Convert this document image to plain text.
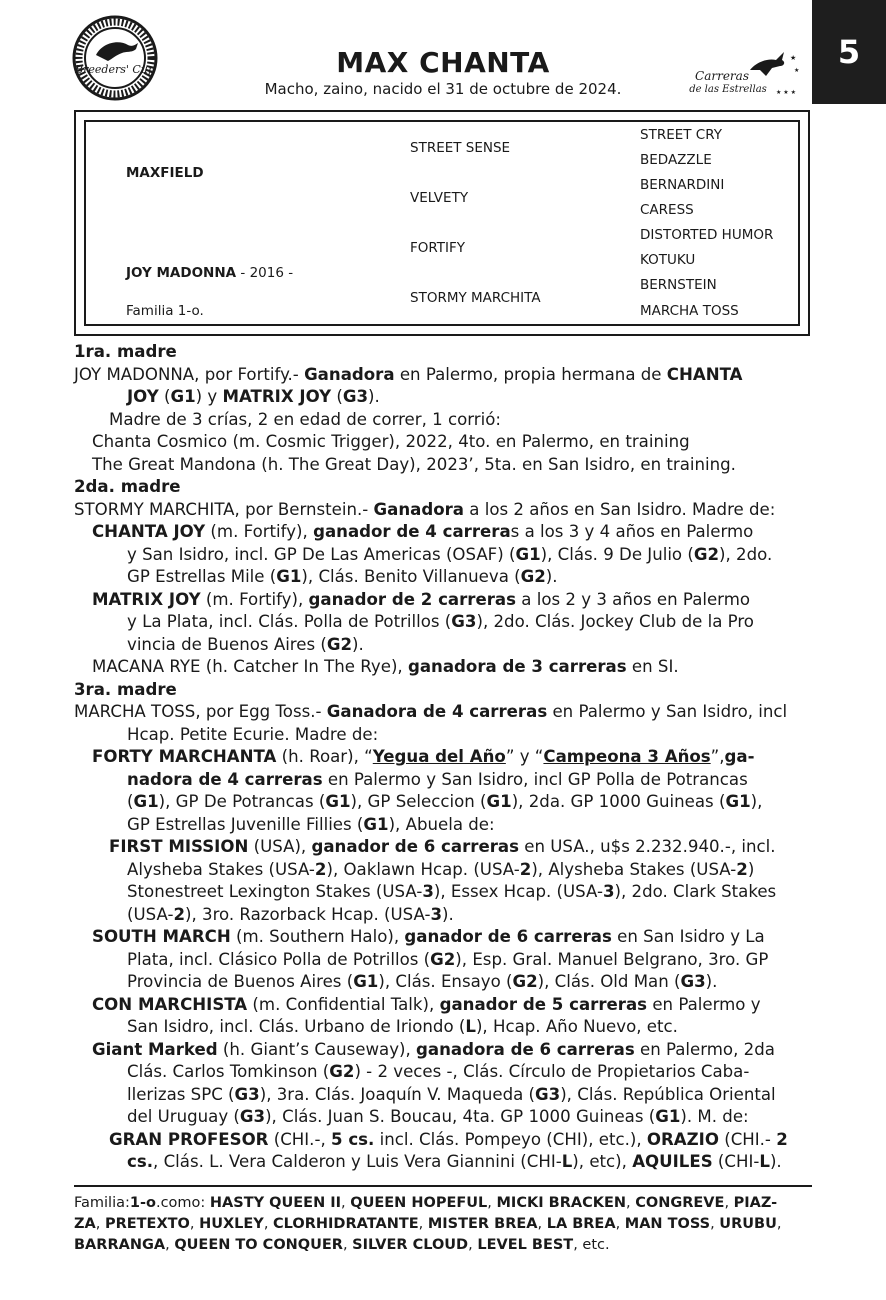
Breeders' Cup	MAX CHANTA

Macho, zaino, nacido el 31 de octubre de 2024.

★
★
★ ★ ★
Carreras
de las Estrellas
5
MAXFIELD
JOY MADONNA - 2016 -
Familia 1-o.
STREET SENSE
VELVETY
FORTIFY
STORMY MARCHITA
STREET CRY
BEDAZZLE
BERNARDINI
CARESS
DISTORTED HUMOR
KOTUKU
BERNSTEIN
MARCHA TOSS

1ra. madre

JOY MADONNA, por Fortify.- Ganadora en Palermo, propia hermana de CHANTA

JOY (G1) y MATRIX JOY (G3).

Madre de 3 crías, 2 en edad de correr, 1 corrió:

Chanta Cosmico (m. Cosmic Trigger), 2022, 4to. en Palermo, en training

The Great Mandona (h. The Great Day), 2023’, 5ta. en San Isidro, en training.

2da. madre

STORMY MARCHITA, por Bernstein.- Ganadora a los 2 años en San Isidro. Madre de:

CHANTA JOY (m. Fortify), ganador de 4 carreras a los 3 y 4 años en Palermo

y San Isidro, incl. GP De Las Americas (OSAF) (G1), Clás. 9 De Julio (G2), 2do.

GP Estrellas Mile (G1), Clás. Benito Villanueva (G2).

MATRIX JOY (m. Fortify), ganador de 2 carreras a los 2 y 3 años en Palermo

y La Plata, incl. Clás. Polla de Potrillos (G3), 2do. Clás. Jockey Club de la Pro

vincia de Buenos Aires (G2).

MACANA RYE (h. Catcher In The Rye), ganadora de 3 carreras en SI.

3ra. madre

MARCHA TOSS, por Egg Toss.- Ganadora de 4 carreras en Palermo y San Isidro, incl

Hcap. Petite Ecurie. Madre de:

FORTY MARCHANTA (h. Roar), “Yegua del Año” y “Campeona 3 Años”,ga-

nadora de 4 carreras en Palermo y San Isidro, incl GP Polla de Potrancas

(G1), GP De Potrancas (G1), GP Seleccion (G1), 2da. GP 1000 Guineas (G1),

GP Estrellas Juvenille Fillies (G1), Abuela de:

FIRST MISSION (USA), ganador de 6 carreras en USA., u$s 2.232.940.-, incl.

Alysheba Stakes (USA-2), Oaklawn Hcap. (USA-2), Alysheba Stakes (USA-2)

Stonestreet Lexington Stakes (USA-3), Essex Hcap. (USA-3), 2do. Clark Stakes

(USA-2), 3ro. Razorback Hcap. (USA-3).

SOUTH MARCH (m. Southern Halo), ganador de 6 carreras en San Isidro y La

Plata, incl. Clásico Polla de Potrillos (G2), Esp. Gral. Manuel Belgrano, 3ro. GP

Provincia de Buenos Aires (G1), Clás. Ensayo (G2), Clás. Old Man (G3).

CON MARCHISTA (m. Confidential Talk), ganador de 5 carreras en Palermo y

San Isidro, incl. Clás. Urbano de Iriondo (L), Hcap. Año Nuevo, etc.

Giant Marked (h. Giant’s Causeway), ganadora de 6 carreras en Palermo, 2da

Clás. Carlos Tomkinson (G2) - 2 veces -, Clás. Círculo de Propietarios Caba-

llerizas SPC (G3), 3ra. Clás. Joaquín V. Maqueda (G3), Clás. República Oriental

del Uruguay (G3), Clás. Juan S. Boucau, 4ta. GP 1000 Guineas (G1). M. de:

GRAN PROFESOR (CHI.-, 5 cs. incl. Clás. Pompeyo (CHI), etc.), ORAZIO (CHI.- 2

cs., Clás. L. Vera Calderon y Luis Vera Giannini (CHI-L), etc), AQUILES (CHI-L).

Familia:1-o.como: HASTY QUEEN II, QUEEN HOPEFUL, MICKI BRACKEN, CONGREVE, PIAZ-

ZA, PRETEXTO, HUXLEY, CLORHIDRATANTE, MISTER BREA, LA BREA, MAN TOSS, URUBU,

BARRANGA, QUEEN TO CONQUER, SILVER CLOUD, LEVEL BEST, etc.
